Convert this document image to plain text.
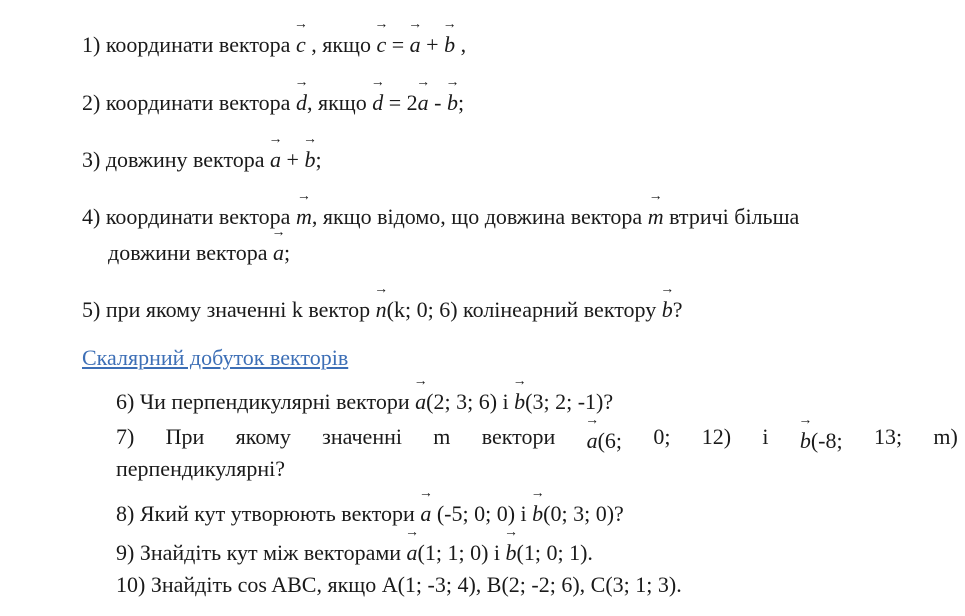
1) координати вектора → c , якщо → c = → a + → b ,
2) координати вектора → d, якщо → d = 2→ a - → b;
3) довжину вектора → a + → b;
4) координати вектора → m, якщо відомо, що довжина вектора → m втричі більша
довжини вектора → a;
5) при якому значенні k вектор → n(k; 0; 6) колінеарний вектору → b?
Скалярний добуток векторів
6) Чи перпендикулярні вектори → a(2; 3; 6) і → b(3; 2; -1)?
7) При якому значенні m вектори → a(6; 0; 12) і → b(-8; 13; m)
перпендикулярні?
8) Який кут утворюють вектори → a (-5; 0; 0) і → b(0; 3; 0)?
9) Знайдіть кут між векторами → a(1; 1; 0) і → b(1; 0; 1).
10) Знайдіть cos ABC, якщо A(1; -3; 4), B(2; -2; 6), C(3; 1; 3).
